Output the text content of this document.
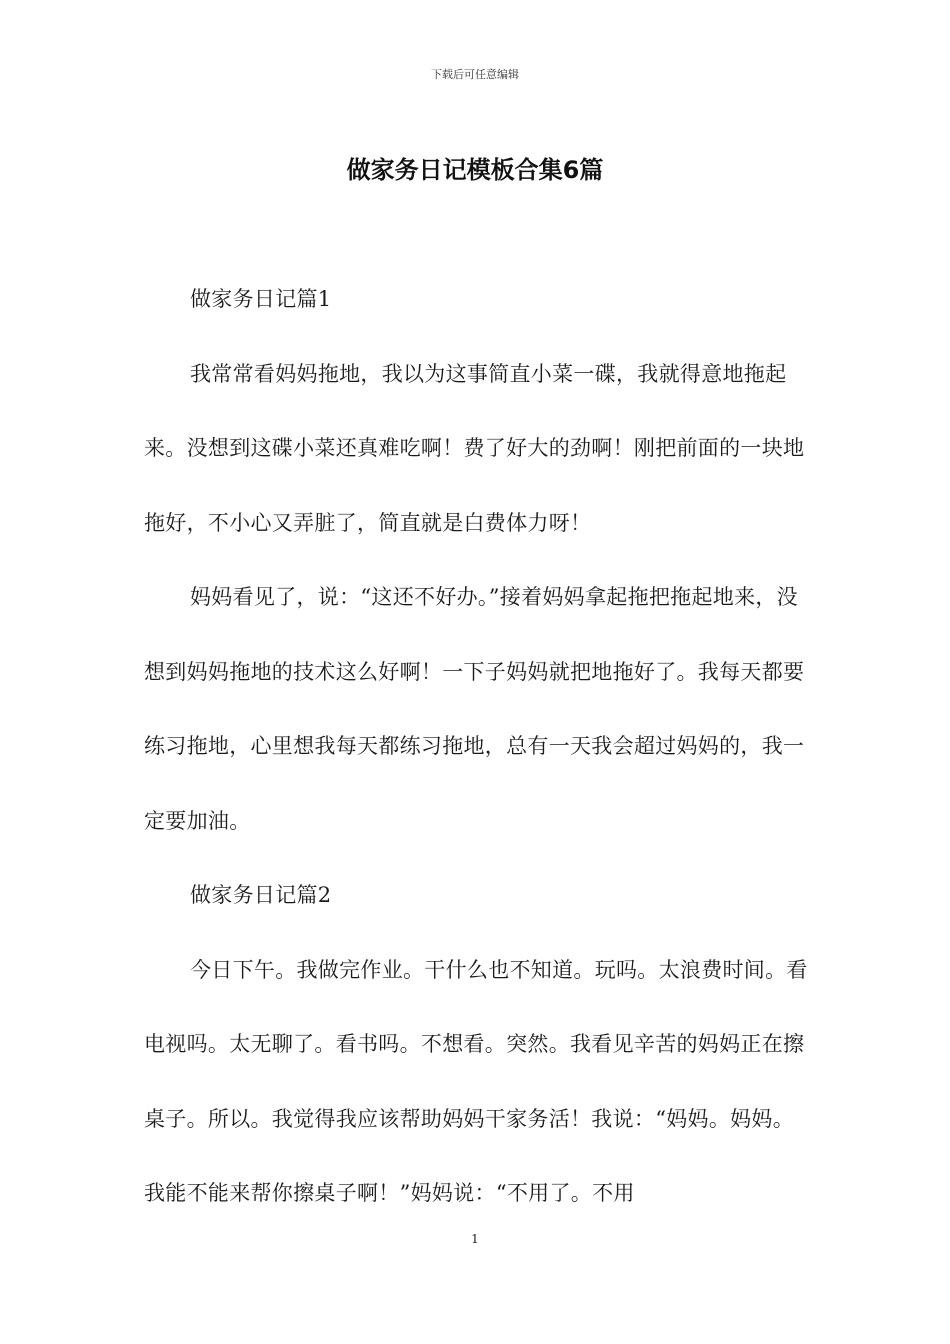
下载后可任意编辑
做家务日记模板合集6篇

做家务日记篇1

我常常看妈妈拖地，我以为这事简直小菜一碟，我就得意地拖起来。没想到这碟小菜还真难吃啊！费了好大的劲啊！刚把前面的一块地拖好，不小心又弄脏了，简直就是白费体力呀！

妈妈看见了，说：“这还不好办。”接着妈妈拿起拖把拖起地来，没想到妈妈拖地的技术这么好啊！一下子妈妈就把地拖好了。我每天都要练习拖地，心里想我每天都练习拖地，总有一天我会超过妈妈的，我一定要加油。

做家务日记篇2

今日下午。我做完作业。干什么也不知道。玩吗。太浪费时间。看电视吗。太无聊了。看书吗。不想看。突然。我看见辛苦的妈妈正在擦桌子。所以。我觉得我应该帮助妈妈干家务活！我说：“妈妈。妈妈。我能不能来帮你擦桌子啊！”妈妈说：“不用了。不用

1
